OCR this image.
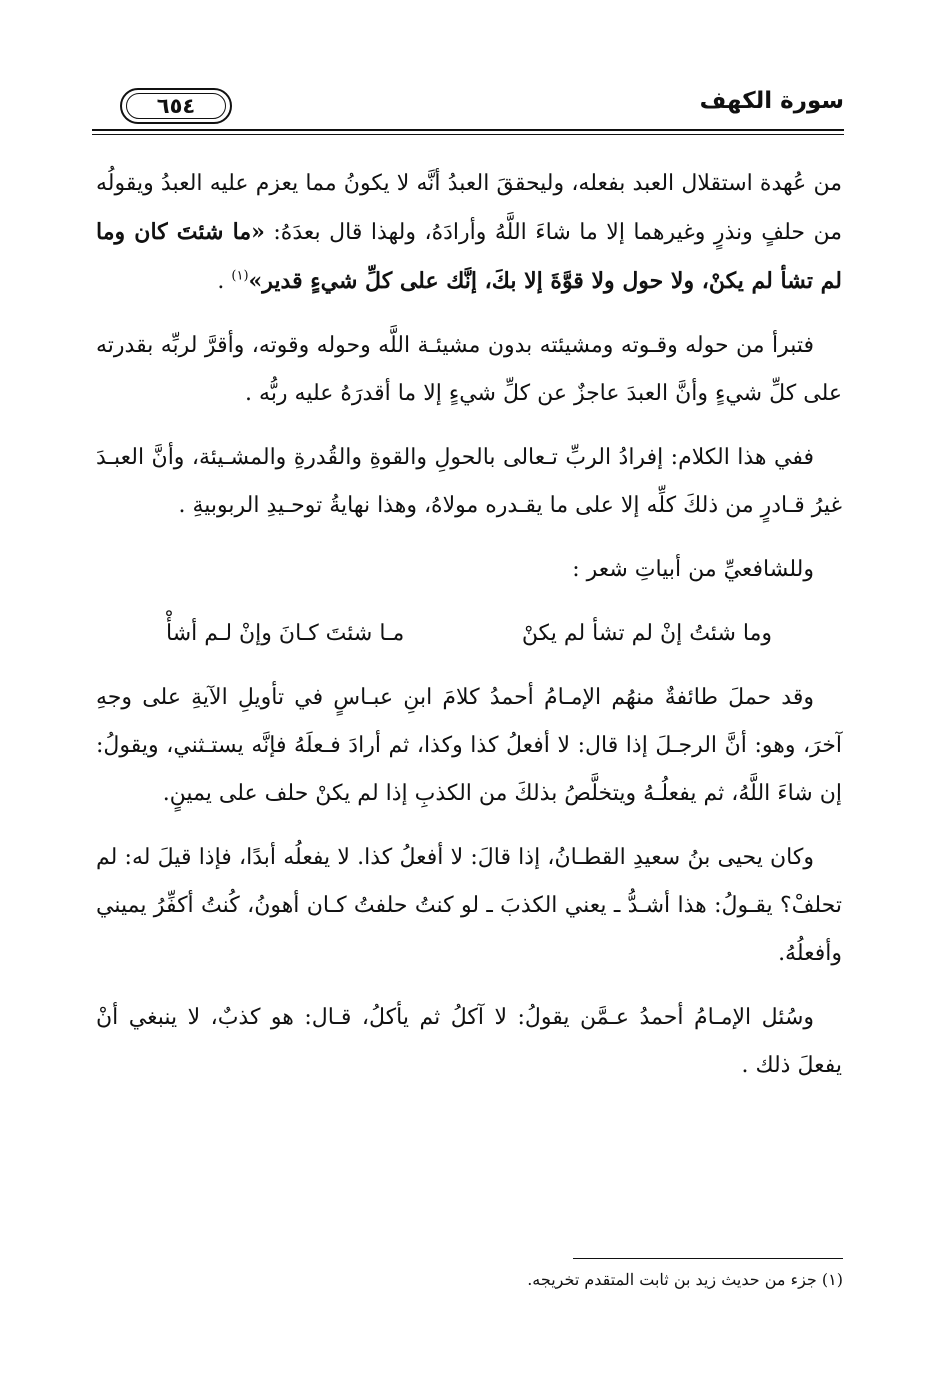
٦٥٤	سورة الكهف

من عُهدة استقلال العبد بفعله، وليحققَ العبدُ أنَّه لا يكونُ مما يعزم عليه العبدُ ويقولُه من حلفٍ ونذرٍ وغيرهما إلا ما شاءَ اللَّهُ وأرادَهُ، ولهذا قال بعدَهُ: «ما شئتَ كان وما لم تشأ لم يكنْ، ولا حول ولا قوَّةَ إلا بكَ، إنَّك على كلِّ شيءٍ قدير»$^{(١)}$ .

فتبرأ من حوله وقـوته ومشيئته بدون مشيئـة اللَّه وحوله وقوته، وأقرَّ لربِّه بقدرته على كلِّ شيءٍ وأنَّ العبدَ عاجزٌ عن كلِّ شيءٍ إلا ما أقدرَهُ عليه ربُّه .

ففي هذا الكلام: إفرادُ الربِّ تـعالى بالحولِ والقوةِ والقُدرةِ والمشـيئة، وأنَّ العبـدَ غيرُ قـادرٍ من ذلكَ كلِّه إلا على ما يقـدره مولاهُ، وهذا نهايةُ توحـيدِ الربوبيةِ .

وللشافعيِّ من أبياتِ شعر :

وما شئتُ إنْ لم تشأ لم يكنْ
مـا شئتَ كـانَ وإنْ لـم أشأْ

وقد حملَ طائفةٌ منهُم الإمـامُ أحمدُ كلامَ ابنِ عبـاسٍ في تأويلِ الآيةِ على وجهِ آخرَ، وهو: أنَّ الرجـلَ إذا قال: لا أفعلُ كذا وكذا، ثم أرادَ فـعلَهُ فإنَّه يستـثني، ويقولُ: إن شاءَ اللَّهُ، ثم يفعلُـهُ ويتخلَّصُ بذلكَ من الكذبِ إذا لم يكنْ حلف على يمينٍ.

وكان يحيى بنُ سعيدِ القطـانُ، إذا قالَ: لا أفعلُ كذا. لا يفعلُه أبدًا، فإذا قيلَ له: لم تحلفْ؟ يقـولُ: هذا أشـدُّ ـ يعني الكذبَ ـ لو كنتُ حلفتُ كـان أهونُ، كُنتُ أكفِّرُ يميني وأفعلُهُ.

وسُئل الإمـامُ أحمدُ عـمَّن يقولُ: لا آكلُ ثم يأكلُ، قـال: هو كذبٌ، لا ينبغي أنْ يفعلَ ذلك .

(١) جزء من حديث زيد بن ثابت المتقدم تخريجه.
